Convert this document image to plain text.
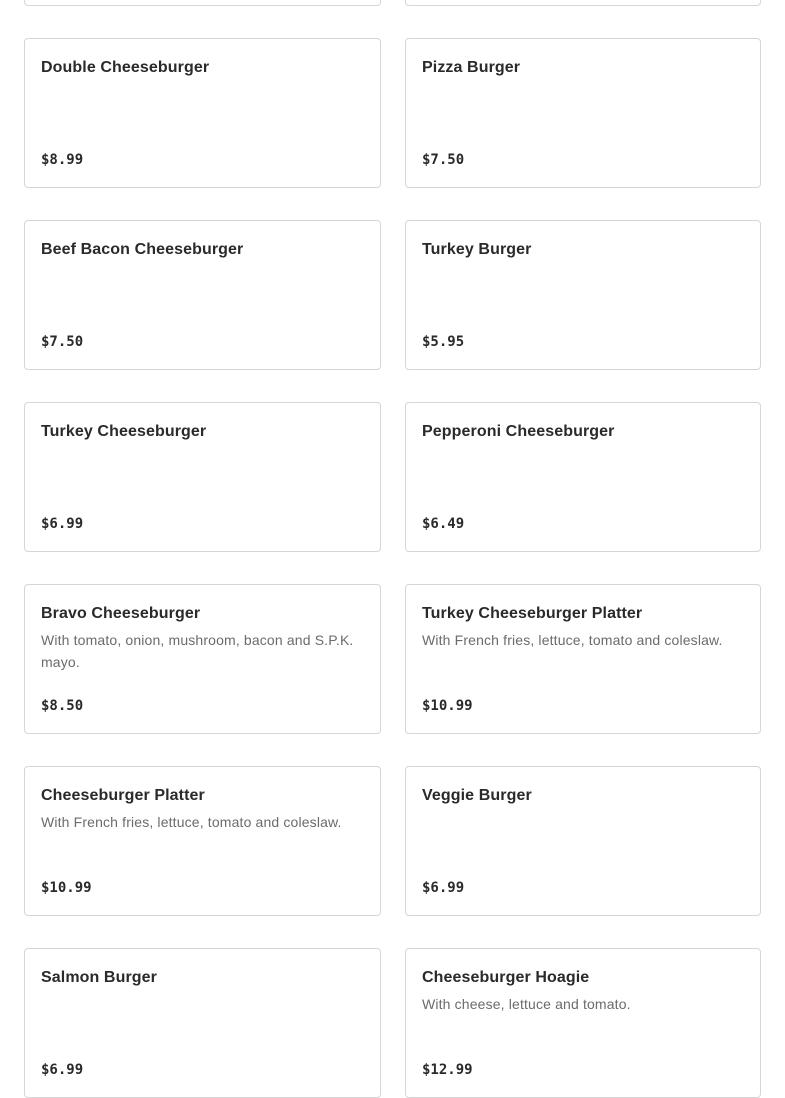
Double Cheeseburger
$8.99
Pizza Burger
$7.50
Beef Bacon Cheeseburger
$7.50
Turkey Burger
$5.95
Turkey Cheeseburger
$6.99
Pepperoni Cheeseburger
$6.49
Bravo Cheeseburger
With tomato, onion, mushroom, bacon and S.P.K. mayo.
$8.50
Turkey Cheeseburger Platter
With French fries, lettuce, tomato and coleslaw.
$10.99
Cheeseburger Platter
With French fries, lettuce, tomato and coleslaw.
$10.99
Veggie Burger
$6.99
Salmon Burger
$6.99
Cheeseburger Hoagie
With cheese, lettuce and tomato.
$12.99
